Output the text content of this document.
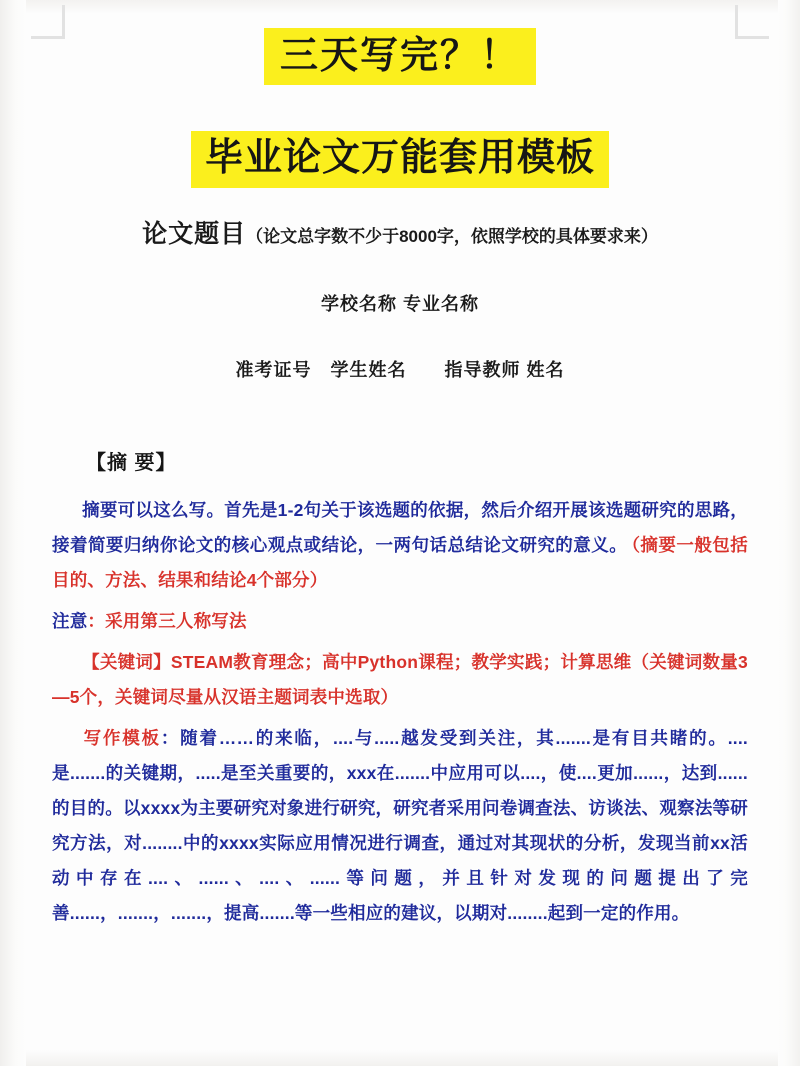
三天写完？！
毕业论文万能套用模板
论文题目（论文总字数不少于8000字，依照学校的具体要求来）
学校名称 专业名称
准考证号　学生姓名　　指导教师 姓名
【摘 要】

摘要可以这么写。首先是1-2句关于该选题的依据，然后介绍开展该选题研究的思路，接着简要归纳你论文的核心观点或结论，一两句话总结论文研究的意义。 （摘要一般包括目的、方法、结果和结论4个部分）

注意：采用第三人称写法

【关键词】STEAM教育理念；高中Python课程；教学实践；计算思维（关键词数量3—5个，关键词尽量从汉语主题词表中选取）

写作模板：随着……的来临，....与.....越发受到关注，其.......是有目共睹的。....是.......的关键期，.....是至关重要的，xxx在.......中应用可以....，使....更加......，达到......的目的。以xxxx为主要研究对象进行研究，研究者采用问卷调查法、访谈法、观察法等研究方法，对........中的xxxx实际应用情况进行调查，通过对其现状的分析，发现当前xx活动中存在....、......、....、......等问题，并且针对发现的问题提出了完善......，.......，.......，提高.......等一些相应的建议，以期对........起到一定的作用。
